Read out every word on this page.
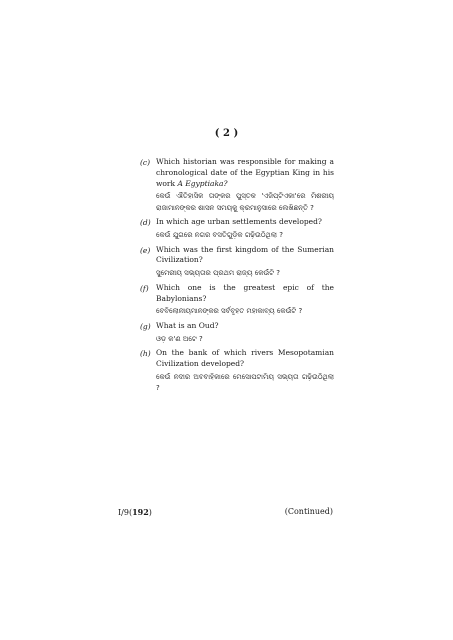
( 2 )
(c) Which historian was responsible for making a chronological date of the Egyptian King in his work A Egyptiaka?
କେଉଁ ଐତିହାସିକ ତାଙ୍କର ପୁସ୍ତକ 'ଏଜିପ୍ଟିଏକା'ରେ ମିଶରୀୟ ରାଜାମାନଙ୍କର ଶାସନ ସମୟକୁ କ୍ରମାନୁସାରେ ଲେଖିଛନ୍ତି ?
(d) In which age urban settlements developed?
କେଉଁ ଯୁଗରେ ନଗର ବସତିଗୁଡ଼ିକ ଗଢ଼ିଉଠିଥିଲା ?
(e) Which was the first kingdom of the Sumerian Civilization?
ସୁମେରୀୟ ସଭ୍ୟତାର ପ୍ରଥମ ରାଜ୍ୟ କେଉଁଟି ?
(f) Which one is the greatest epic of the Babylonians?
ବେବିଲୋନୀୟମାନଙ୍କର ସର୍ବବୃହତ ମହାକାବ୍ୟ କେଉଁଟି ?
(g) What is an Oud?
ଓଡ଼ କ'ଣ ଅଟେ ?
(h) On the bank of which rivers Mesopotamian Civilization developed?
କେଉଁ ନଦୀର ଅବବାହିକାରେ ମେସୋପଟାମିୟ ସଭ୍ୟତା ଗଢ଼ିଉଠିଥିଲା ?
I/9(192)	(Continued)
